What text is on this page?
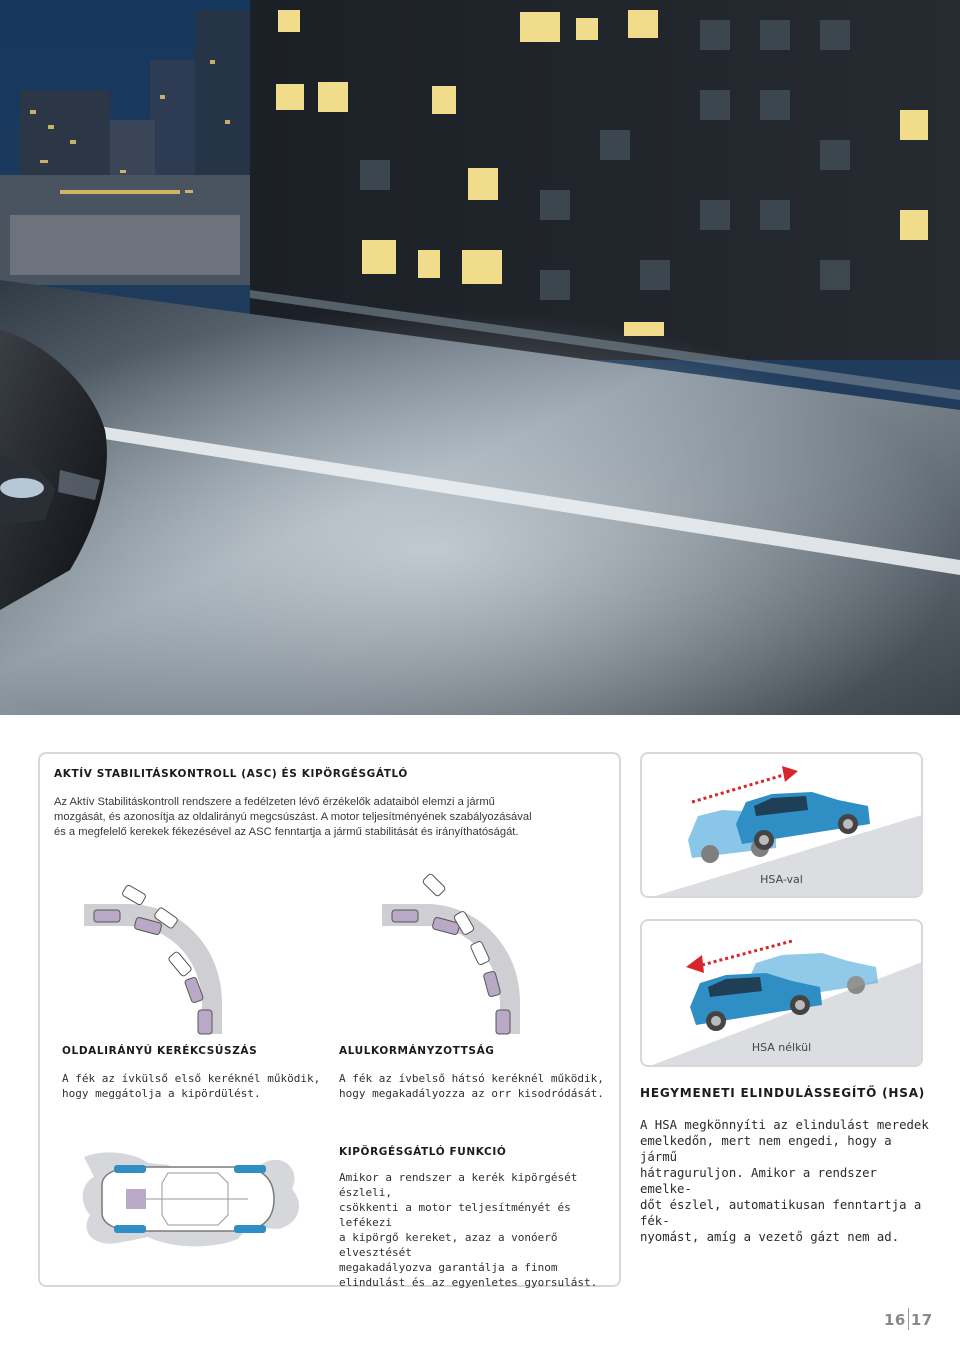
AKTÍV STABILITÁSKONTROLL (ASC) ÉS KIPÖRGÉSGÁTLÓ
Az Aktív Stabilitáskontroll rendszere a fedélzeten lévő érzékelők adataiból elemzi a jármű
mozgását, és azonosítja az oldalirányú megcsúszást. A motor teljesítményének szabályozásával
és a megfelelő kerekek fékezésével az ASC fenntartja a jármű stabilitását és irányíthatóságát.
OLDALIRÁNYÚ KERÉKCSÚSZÁS
A fék az ívkülső első keréknél működik,
hogy meggátolja a kipördülést.
ALULKORMÁNYZOTTSÁG
A fék az ívbelső hátsó keréknél működik,
hogy megakadályozza az orr kisodródását.
KIPÖRGÉSGÁTLÓ FUNKCIÓ
Amikor a rendszer a kerék kipörgését észleli,
csökkenti a motor teljesítményét és lefékezi
a kipörgő kereket, azaz a vonóerő elvesztését
megakadályozva garantálja a finom
elindulást és az egyenletes gyorsulást.
HSA-val
HSA nélkül
HEGYMENETI ELINDULÁSSEGÍTŐ (HSA)
A HSA megkönnyíti az elindulást meredek
emelkedőn, mert nem engedi, hogy a jármű
hátraguruljon. Amikor a rendszer emelke-
dőt észlel, automatikusan fenntartja a fék-
nyomást, amíg a vezető gázt nem ad.
16 17
